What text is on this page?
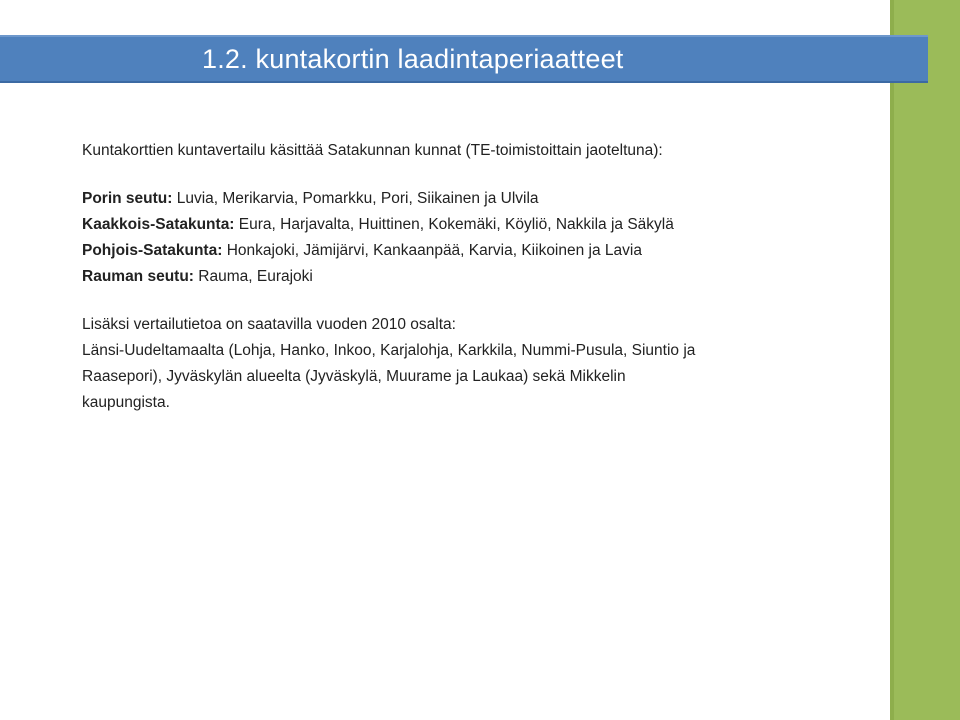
1.2. kuntakortin laadintaperiaatteet
Kuntakorttien kuntavertailu käsittää Satakunnan kunnat (TE-toimistoittain jaoteltuna):
Porin seutu: Luvia, Merikarvia, Pomarkku, Pori, Siikainen ja Ulvila
Kaakkois-Satakunta: Eura, Harjavalta, Huittinen, Kokemäki, Köyliö, Nakkila ja Säkylä
Pohjois-Satakunta: Honkajoki, Jämijärvi, Kankaanpää, Karvia, Kiikoinen ja Lavia
Rauman seutu: Rauma, Eurajoki
Lisäksi vertailutietoa on saatavilla vuoden 2010 osalta:
Länsi-Uudeltamaalta (Lohja, Hanko, Inkoo, Karjalohja, Karkkila, Nummi-Pusula, Siuntio ja
Raasepori), Jyväskylän alueelta (Jyväskylä, Muurame ja Laukaa) sekä Mikkelin
kaupungista.
